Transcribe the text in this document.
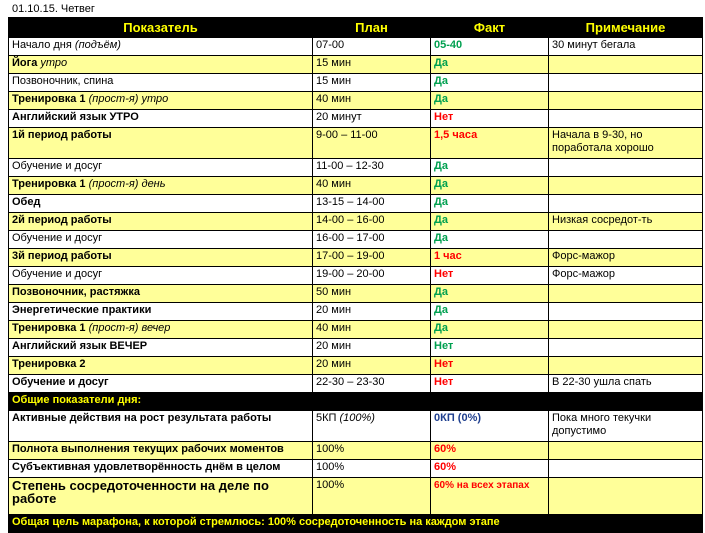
01.10.15. Четвег
Показатель	План	Факт	Примечание
Начало дня (подъём)	07-00	05-40	30 минут бегала
Йога утро	15 мин	Да	
Позвоночник, спина	15 мин	Да	
Тренировка 1 (прост-я) утро	40 мин	Да	
Английский язык УТРО	20 минут	Нет	
1й период работы	9-00 – 11-00	1,5 часа	Начала в 9-30, но поработала хорошо
Обучение и досуг	11-00 – 12-30	Да	
Тренировка 1 (прост-я) день	40 мин	Да	
Обед	13-15 – 14-00	Да	
2й период работы	14-00 – 16-00	Да	Низкая сосредот-ть
Обучение и досуг	16-00 – 17-00	Да	
3й период работы	17-00 – 19-00	1 час	Форс-мажор
Обучение и досуг	19-00 – 20-00	Нет	Форс-мажор
Позвоночник, растяжка	50 мин	Да	
Энергетические практики	20 мин	Да	
Тренировка 1 (прост-я) вечер	40 мин	Да	
Английский язык ВЕЧЕР	20 мин	Нет	
Тренировка 2	20 мин	Нет	
Обучение и досуг	22-30 – 23-30	Нет	В 22-30 ушла спать
Общие показатели дня:			
Активные действия на рост результата работы	5КП (100%)	0КП (0%)	Пока много текучки допустимо
Полнота выполнения текущих рабочих моментов	100%	60%	
Субъективная удовлетворённость днём в целом	100%	60%	
Степень сосредоточенности на деле по работе	100%	60% на всех этапах	
Общая цель марафона, к которой стремлюсь: 100% сосредоточенность на каждом этапе			
